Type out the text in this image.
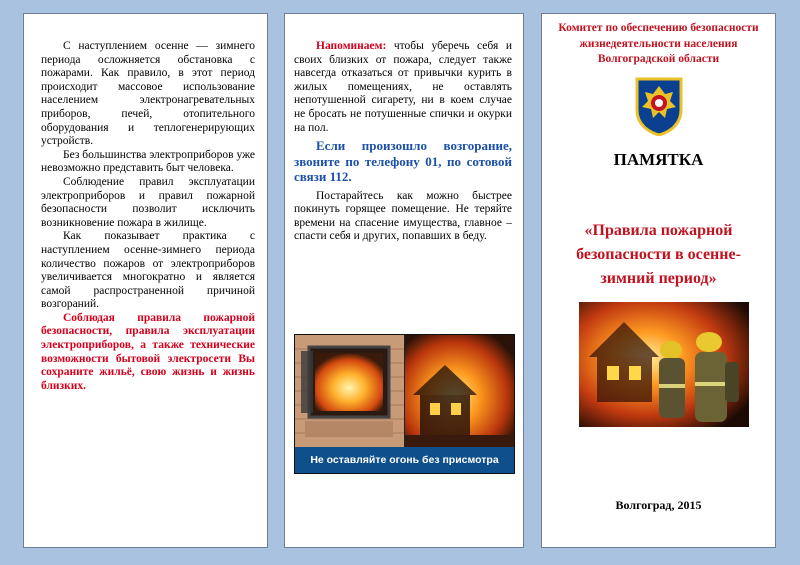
С наступлением осенне — зимнего периода осложняется обстановка с пожарами. Как правило, в этот период происходит массовое использование населением электронагревательных приборов, печей, отопительного оборудования и теплогенерирующих устройств.

Без большинства электроприборов уже невозможно представить быт человека.

Соблюдение правил эксплуатации электроприборов и правил пожарной безопасности позволит исключить возникновение пожара в жилище.

Как показывает практика с наступлением осенне-зимнего периода количество пожаров от электроприборов увеличивается многократно и является самой распространенной причиной возгораний.

Соблюдая правила пожарной безопасности, правила эксплуатации электроприборов, а также технические возможности бытовой электросети Вы сохраните жильё, свою жизнь и жизнь близких.

Напоминаем: чтобы уберечь себя и своих близких от пожара, следует также навсегда отказаться от привычки курить в жилых помещениях, не оставлять непотушенной сигарету, ни в коем случае не бросать не потушенные спички и окурки на пол.

Если произошло возгорание, звоните по телефону 01, по сотовой связи 112.

Постарайтесь как можно быстрее покинуть горящее помещение. Не теряйте времени на спасение имущества, главное – спасти себя и других, попавших в беду.

Не оставляйте огонь без присмотра
Комитет по обеспечению безопасности жизнедеятельности населения Волгоградской области
ПАМЯТКА
«Правила пожарной безопасности в осенне-зимний период»
Волгоград, 2015
